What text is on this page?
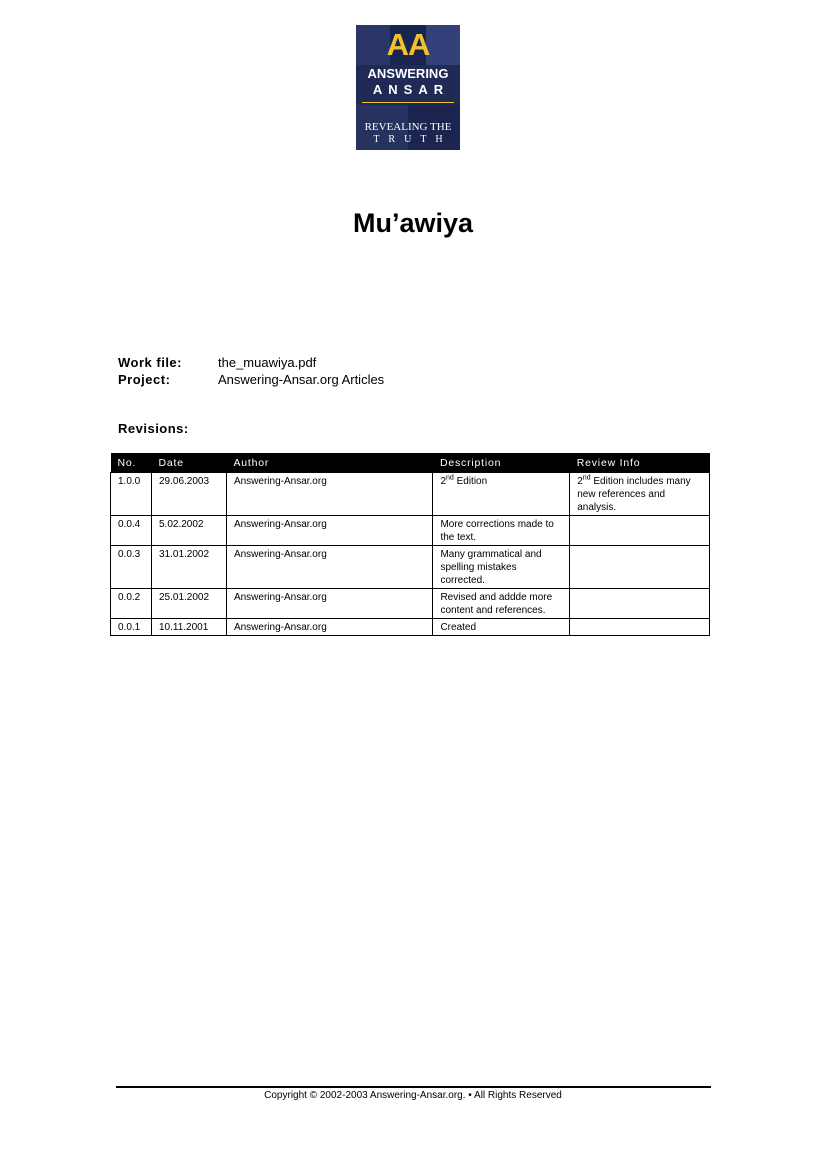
AA
ANSWERING
ANSAR
REVEALING THE
TRUTH
Mu’awiya
Work file:	the_muawiya.pdf
Project:	Answering-Ansar.org Articles
Revisions:
No.	Date	Author	Description	Review Info
1.0.0	29.06.2003	Answering-Ansar.org	2nd Edition	2nd Edition includes many new references and analysis.
0.0.4	5.02.2002	Answering-Ansar.org	More corrections made to the text.	
0.0.3	31.01.2002	Answering-Ansar.org	Many grammatical and spelling mistakes corrected.	
0.0.2	25.01.2002	Answering-Ansar.org	Revised and addde more content and references.	
0.0.1	10.11.2001	Answering-Ansar.org	Created	
Copyright © 2002-2003 Answering-Ansar.org. • All Rights Reserved
